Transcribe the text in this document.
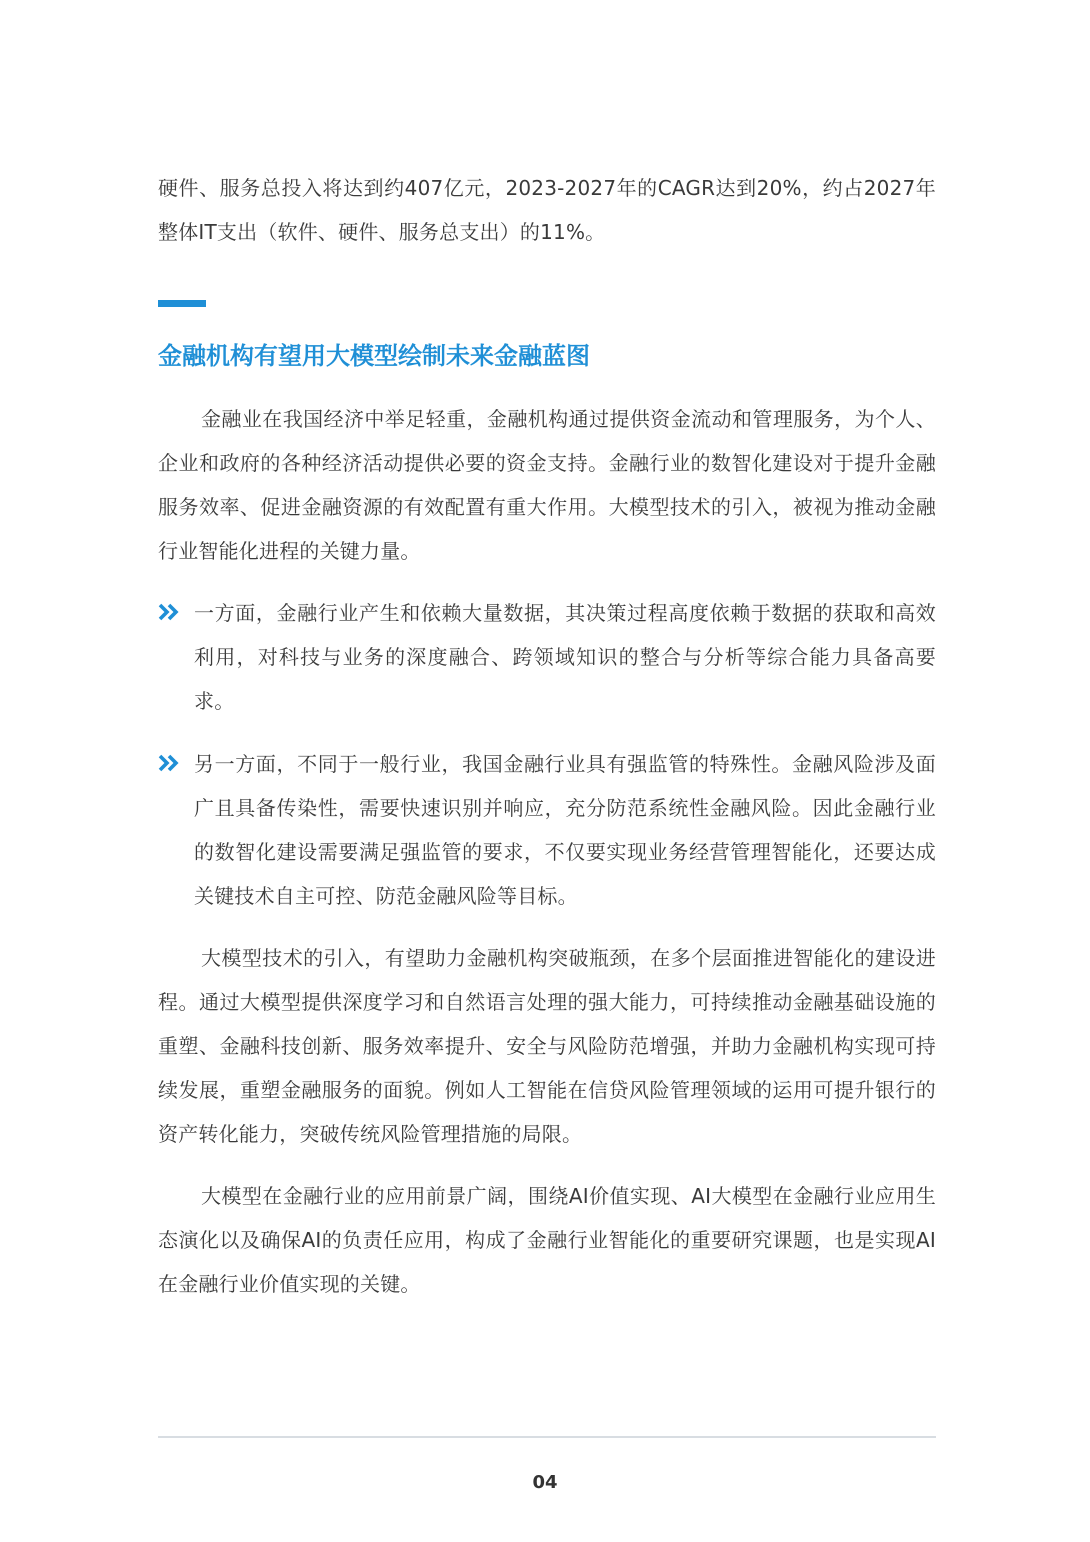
硬件、服务总投入将达到约407亿元，2023-2027年的CAGR达到20%，约占2027年整体IT支出（软件、硬件、服务总支出）的11%。

金融机构有望用大模型绘制未来金融蓝图

金融业在我国经济中举足轻重，金融机构通过提供资金流动和管理服务，为个人、企业和政府的各种经济活动提供必要的资金支持。金融行业的数智化建设对于提升金融服务效率、促进金融资源的有效配置有重大作用。大模型技术的引入，被视为推动金融行业智能化进程的关键力量。

一方面，金融行业产生和依赖大量数据，其决策过程高度依赖于数据的获取和高效利用，对科技与业务的深度融合、跨领域知识的整合与分析等综合能力具备高要求。
另一方面，不同于一般行业，我国金融行业具有强监管的特殊性。金融风险涉及面广且具备传染性，需要快速识别并响应，充分防范系统性金融风险。因此金融行业的数智化建设需要满足强监管的要求，不仅要实现业务经营管理智能化，还要达成关键技术自主可控、防范金融风险等目标。

大模型技术的引入，有望助力金融机构突破瓶颈，在多个层面推进智能化的建设进程。通过大模型提供深度学习和自然语言处理的强大能力，可持续推动金融基础设施的重塑、金融科技创新、服务效率提升、安全与风险防范增强，并助力金融机构实现可持续发展，重塑金融服务的面貌。例如人工智能在信贷风险管理领域的运用可提升银行的资产转化能力，突破传统风险管理措施的局限。

大模型在金融行业的应用前景广阔，围绕AI价值实现、AI大模型在金融行业应用生态演化以及确保AI的负责任应用，构成了金融行业智能化的重要研究课题，也是实现AI在金融行业价值实现的关键。

04
